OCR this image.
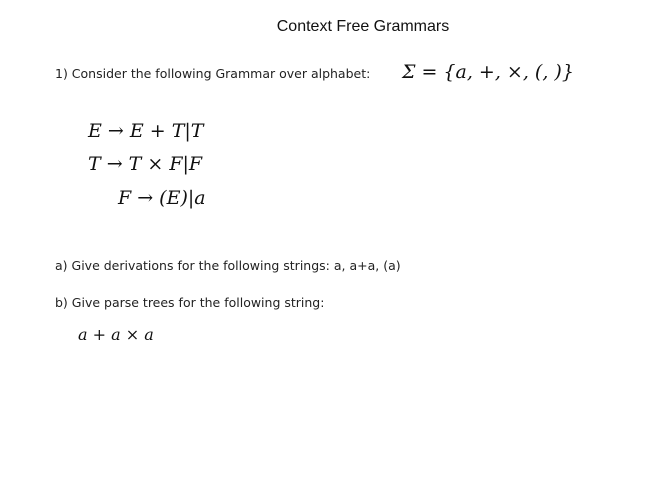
Context Free Grammars
1) Consider the following Grammar over alphabet: Σ = {a, +, ×, (, )}
E → E + T|T
T → T × F|F
F → (E)|a
a) Give derivations for the following strings: a, a+a, (a)
b) Give parse trees for the following string:
a + a × a
